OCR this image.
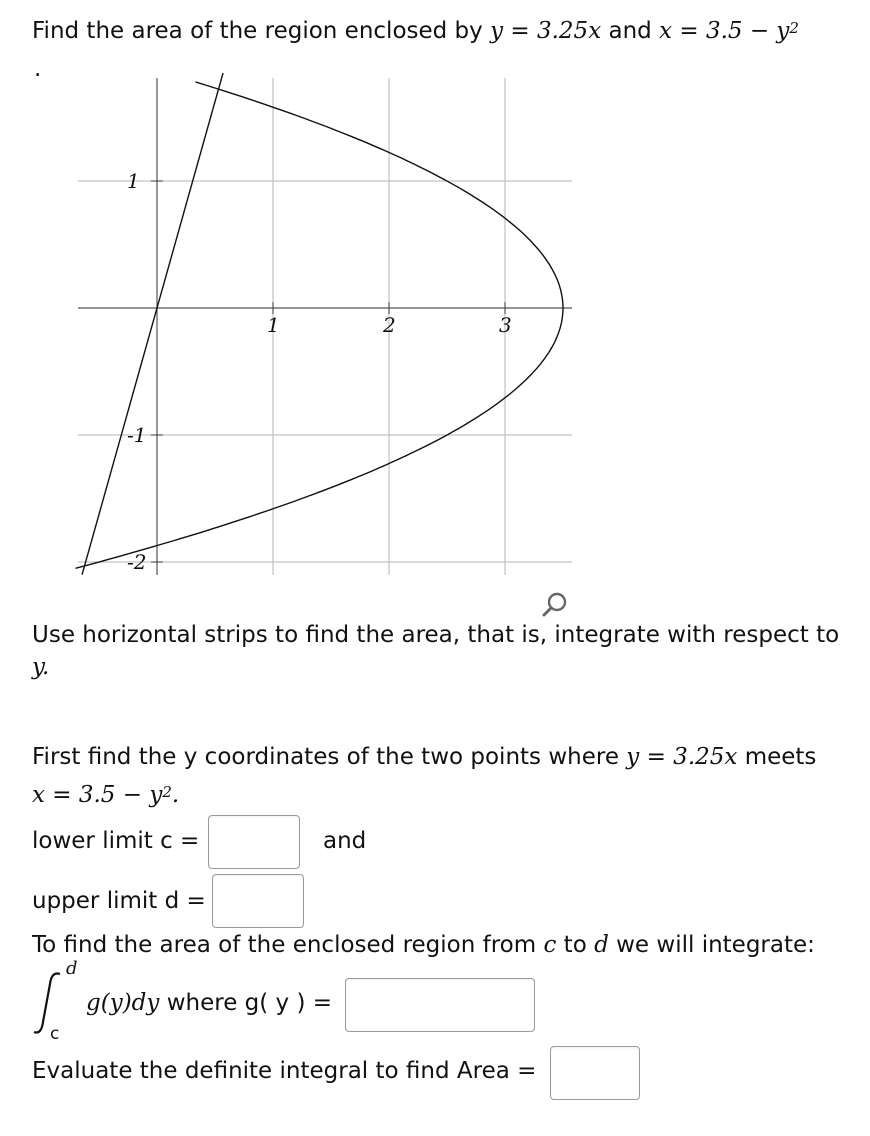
Find the area of the region enclosed by y = 3.25x and $x = 3.5 - y^2$
.
1	2	3
1
-1
-2
Use horizontal strips to find the area, that is, integrate with respect to
y.
First find the y coordinates of the two points where y = 3.25x meets
$x = 3.5 - y^2$.
lower limit c =	and
upper limit d =
To find the area of the enclosed region from c to d we will integrate:
d
c
g(y)dy where g( y ) =
Evaluate the definite integral to find Area =
